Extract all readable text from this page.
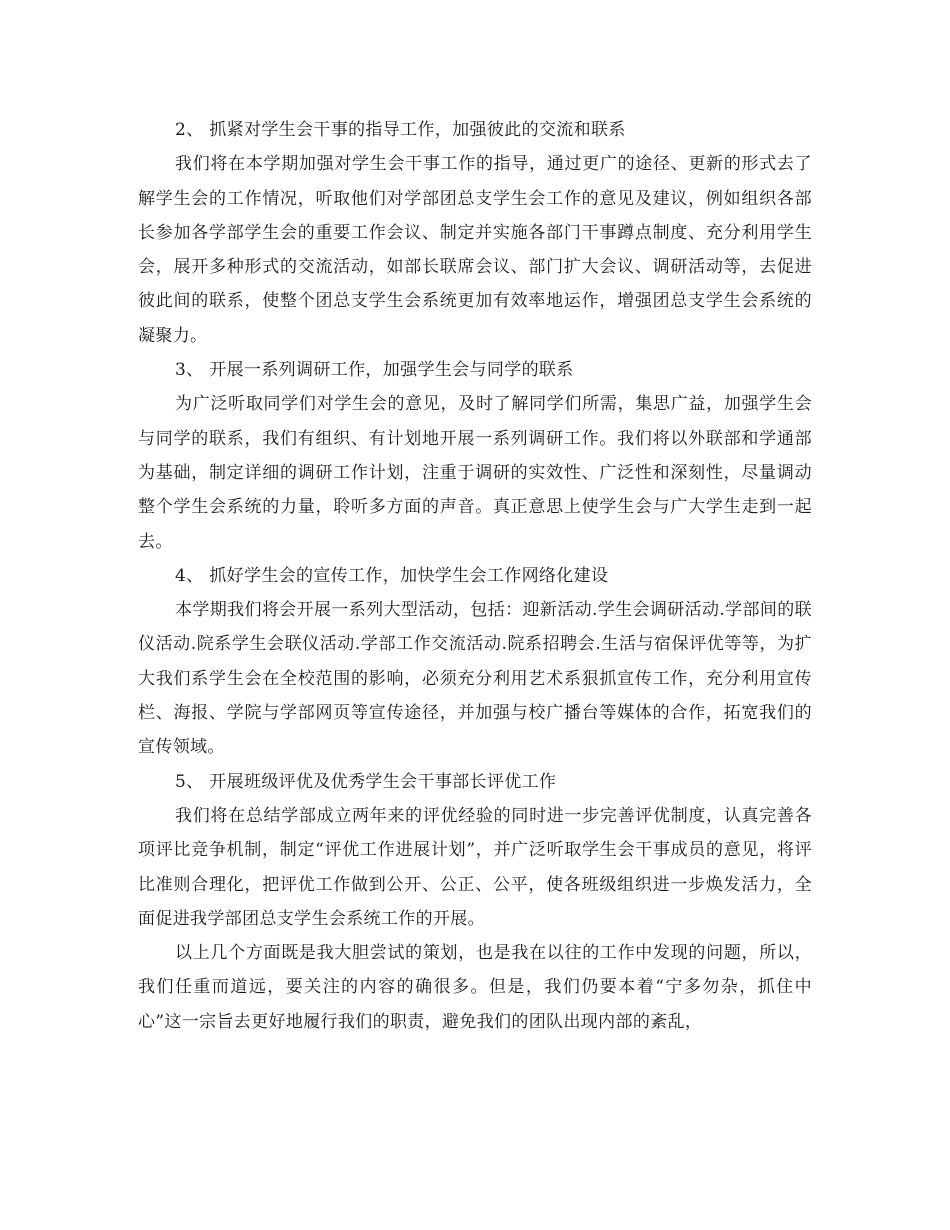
2、 抓紧对学生会干事的指导工作，加强彼此的交流和联系

我们将在本学期加强对学生会干事工作的指导，通过更广的途径、更新的形式去了解学生会的工作情况，听取他们对学部团总支学生会工作的意见及建议，例如组织各部长参加各学部学生会的重要工作会议、制定并实施各部门干事蹲点制度、充分利用学生会，展开多种形式的交流活动，如部长联席会议、部门扩大会议、调研活动等，去促进彼此间的联系，使整个团总支学生会系统更加有效率地运作，增强团总支学生会系统的凝聚力。

3、 开展一系列调研工作，加强学生会与同学的联系

为广泛听取同学们对学生会的意见，及时了解同学们所需，集思广益，加强学生会与同学的联系，我们有组织、有计划地开展一系列调研工作。我们将以外联部和学通部为基础，制定详细的调研工作计划，注重于调研的实效性、广泛性和深刻性，尽量调动整个学生会系统的力量，聆听多方面的声音。真正意思上使学生会与广大学生走到一起去。

4、 抓好学生会的宣传工作，加快学生会工作网络化建设

本学期我们将会开展一系列大型活动，包括：迎新活动.学生会调研活动.学部间的联仪活动.院系学生会联仪活动.学部工作交流活动.院系招聘会.生活与宿保评优等等，为扩大我们系学生会在全校范围的影响，必须充分利用艺术系狠抓宣传工作，充分利用宣传栏、海报、学院与学部网页等宣传途径，并加强与校广播台等媒体的合作，拓宽我们的宣传领域。

5、 开展班级评优及优秀学生会干事部长评优工作

我们将在总结学部成立两年来的评优经验的同时进一步完善评优制度，认真完善各项评比竞争机制，制定“评优工作进展计划”，并广泛听取学生会干事成员的意见，将评比准则合理化，把评优工作做到公开、公正、公平，使各班级组织进一步焕发活力，全面促进我学部团总支学生会系统工作的开展。

以上几个方面既是我大胆尝试的策划，也是我在以往的工作中发现的问题，所以，我们任重而道远，要关注的内容的确很多。但是，我们仍要本着“宁多勿杂，抓住中心”这一宗旨去更好地履行我们的职责，避免我们的团队出现内部的紊乱，
